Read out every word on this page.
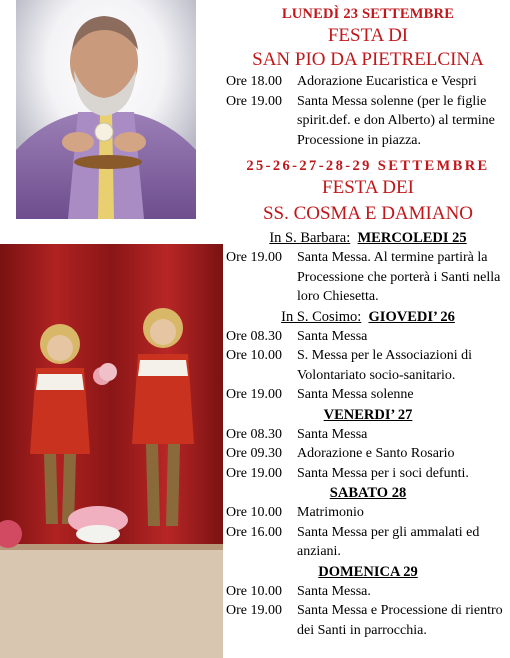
LUNEDÌ 23 SETTEMBRE
FESTA DI
SAN PIO DA PIETRELCINA
Ore 18.00	Adorazione Eucaristica e Vespri
Ore 19.00	Santa Messa solenne (per le figlie spirit.def. e don Alberto) al termine Processione in piazza.
25-26-27-28-29 SETTEMBRE
FESTA DEI
SS. COSMA E DAMIANO
In S. Barbara: MERCOLEDI 25
Ore 19.00	Santa Messa. Al termine partirà la Processione che porterà i Santi nella loro Chiesetta.
In S. Cosimo: GIOVEDI’ 26
Ore 08.30	Santa Messa
Ore 10.00	S. Messa per le Associazioni di Volontariato socio-sanitario.
Ore 19.00	Santa Messa solenne
VENERDI’ 27
Ore 08.30	Santa Messa
Ore 09.30	Adorazione e Santo Rosario
Ore 19.00	Santa Messa per i soci defunti.
SABATO 28
Ore 10.00	Matrimonio
Ore 16.00	Santa Messa per gli ammalati ed anziani.
DOMENICA 29
Ore 10.00	Santa Messa.
Ore 19.00	Santa Messa e Processione di rientro dei Santi in parrocchia.
